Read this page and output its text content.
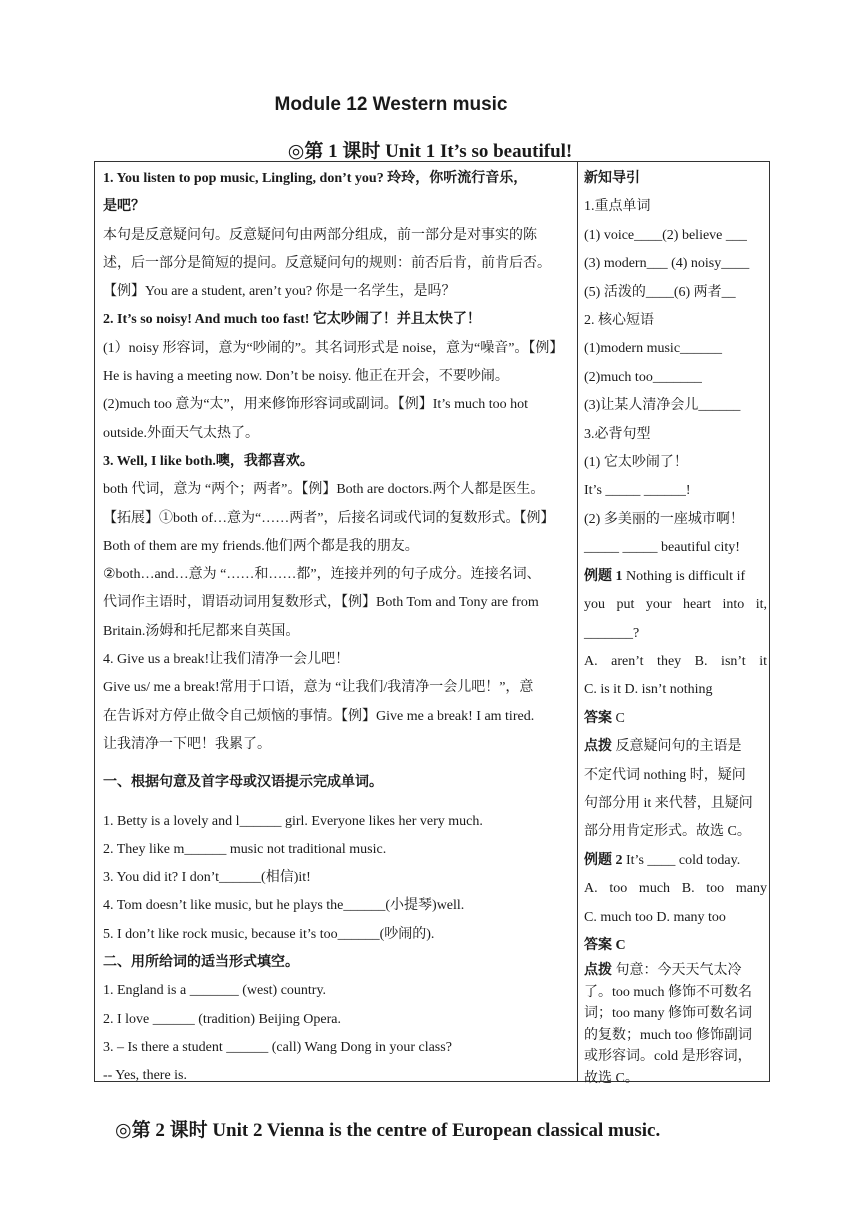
Module 12 Western music
◎第 1 课时 Unit 1 It’s so beautiful!
1. You listen to pop music, Lingling, don’t you? 玲玲，你听流行音乐，
是吧？
本句是反意疑问句。反意疑问句由两部分组成，前一部分是对事实的陈
述，后一部分是简短的提问。反意疑问句的规则：前否后肯，前肯后否。
【例】You are a student, aren’t you? 你是一名学生，是吗？
2. It’s so noisy! And much too fast! 它太吵闹了！并且太快了！
(1）noisy 形容词，意为“吵闹的”。其名词形式是 noise，意为“噪音”。【例】
He is having a meeting now. Don’t be noisy. 他正在开会，不要吵闹。
(2)much too 意为“太”，用来修饰形容词或副词。【例】It’s much too hot
outside.外面天气太热了。
3. Well, I like both.噢，我都喜欢。
both 代词，意为 “两个；两者”。【例】Both are doctors.两个人都是医生。
【拓展】①both of…意为“……两者”，后接名词或代词的复数形式。【例】
Both of them are my friends.他们两个都是我的朋友。
②both…and…意为 “……和……都”，连接并列的句子成分。连接名词、
代词作主语时，谓语动词用复数形式，【例】Both Tom and Tony are from
Britain.汤姆和托尼都来自英国。
4. Give us a break!让我们清净一会儿吧！
Give us/ me a break!常用于口语，意为 “让我们/我清净一会儿吧！”，意
在告诉对方停止做令自己烦恼的事情。【例】Give me a break! I am tired.
让我清净一下吧！我累了。
一、根据句意及首字母或汉语提示完成单词。
1. Betty is a lovely and l______ girl. Everyone likes her very much.
2. They like m______ music not traditional music.
3. You did it? I don’t______(相信)it!
4. Tom doesn’t like music, but he plays the______(小提琴)well.
5. I don’t like rock music, because it’s too______(吵闹的).
二、用所给词的适当形式填空。
1. England is a _______ (west) country.
2. I love ______ (tradition) Beijing Opera.
3. – Is there a student ______ (call) Wang Dong in your class?
-- Yes, there is.
新知导引
1.重点单词
(1) voice____(2) believe ___
(3) modern___ (4) noisy____
(5) 活泼的____(6) 两者__
2. 核心短语
(1)modern music______
(2)much too_______
(3)让某人清净会儿______
3.必背句型
(1) 它太吵闹了！
It’s _____ ______!
(2) 多美丽的一座城市啊！
_____ _____ beautiful city!
例题 1 Nothing is difficult if
you put your heart into it,
_______?
A. aren’t they B. isn’t it
C. is it D. isn’t nothing
答案 C
点拨 反意疑问句的主语是
不定代词 nothing 时，疑问
句部分用 it 来代替，且疑问
部分用肯定形式。故选 C。
例题 2 It’s ____ cold today.
A. too much B. too many
C. much too D. many too
答案 C
点拨 句意：今天天气太冷
了。too much 修饰不可数名
词；too many 修饰可数名词
的复数；much too 修饰副词
或形容词。cold 是形容词，
故选 C。
◎第 2 课时 Unit 2 Vienna is the centre of European classical music.
